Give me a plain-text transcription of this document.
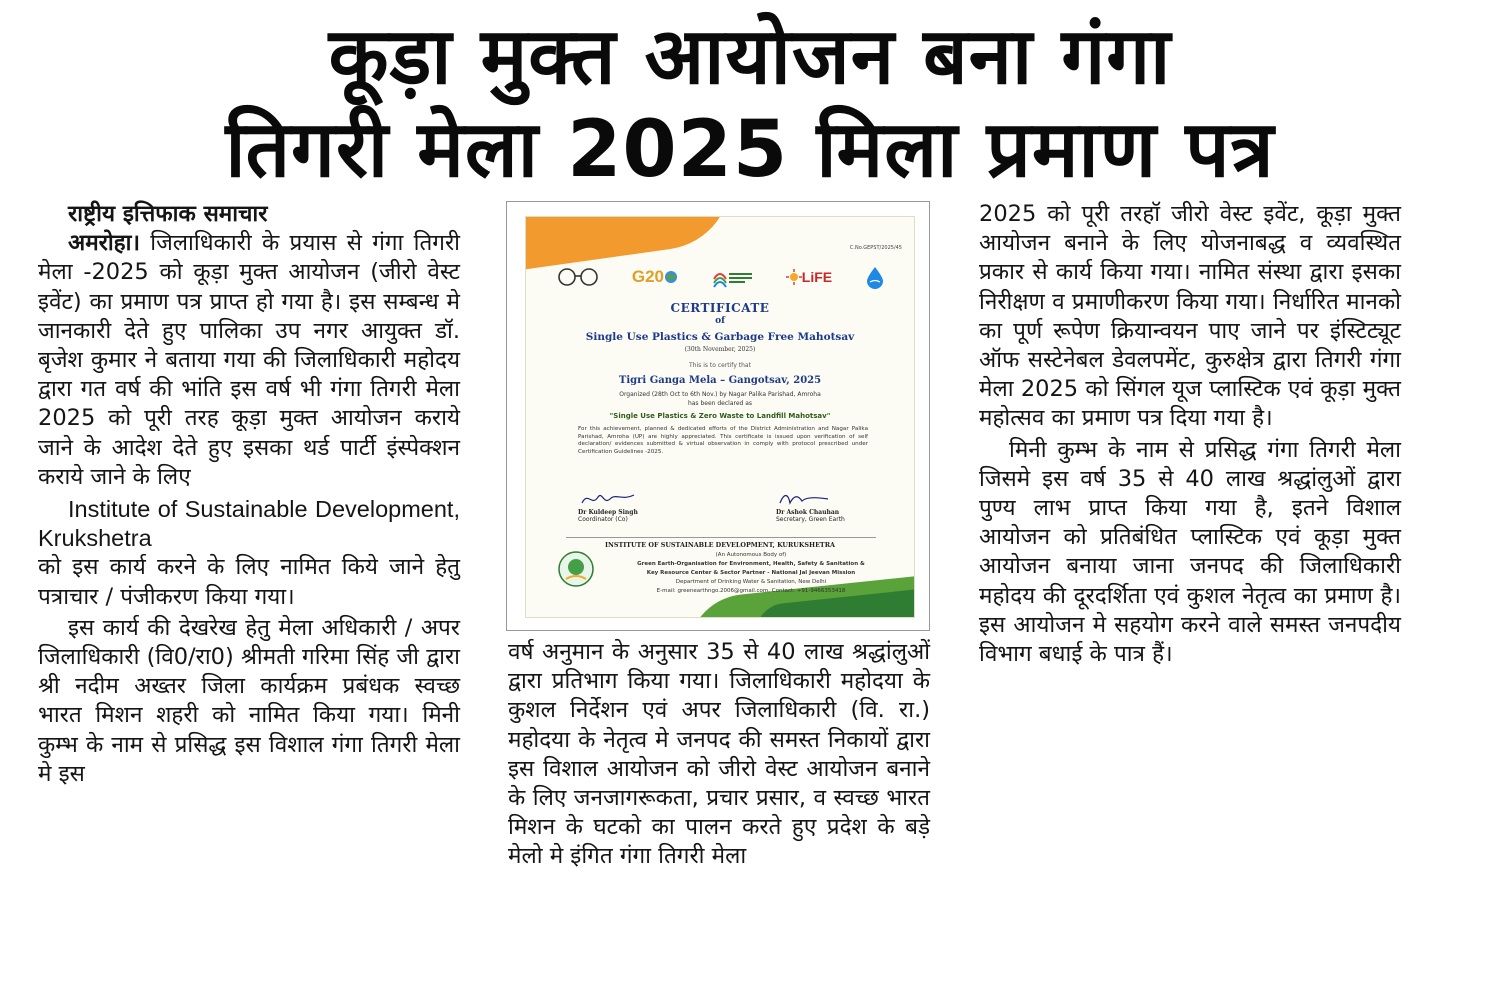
कूड़ा मुक्त आयोजन बना गंगा
तिगरी मेला 2025 मिला प्रमाण पत्र

राष्ट्रीय इत्तिफाक समाचार

अमरोहा। जिलाधिकारी के प्रयास से गंगा तिगरी मेला -2025 को कूड़ा मुक्त आयोजन (जीरो वेस्ट इवेंट) का प्रमाण पत्र प्राप्त हो गया है। इस सम्बन्ध मे जानकारी देते हुए पालिका उप नगर आयुक्त डॉ. बृजेश कुमार ने बताया गया की जिलाधिकारी महोदय द्वारा गत वर्ष की भांति इस वर्ष भी गंगा तिगरी मेला 2025 को पूरी तरह कूड़ा मुक्त आयोजन कराये जाने के आदेश देते हुए इसका थर्ड पार्टी इंस्पेक्शन कराये जाने के लिए

Institute of Sustainable Development, Krukshetra

को इस कार्य करने के लिए नामित किये जाने हेतु पत्राचार / पंजीकरण किया गया।

इस कार्य की देखरेख हेतु मेला अधिकारी / अपर जिलाधिकारी (वि0/रा0) श्रीमती गरिमा सिंह जी द्वारा श्री नदीम अख्तर जिला कार्यक्रम प्रबंधक स्वच्छ भारत मिशन शहरी को नामित किया गया। मिनी कुम्भ के नाम से प्रसिद्ध इस विशाल गंगा तिगरी मेला मे इस

C.No.GEPST/2025/45
G20	LiFE
CERTIFICATE
of
Single Use Plastics & Garbage Free Mahotsav
(30th November, 2025)
This is to certify that
Tigri Ganga Mela – Gangotsav, 2025
Organized (28th Oct to 6th Nov.) by Nagar Palika Parishad, Amroha
has been declared as
"Single Use Plastics & Zero Waste to Landfill Mahotsav"
For this achievement, planned & dedicated efforts of the District Administration and Nagar Palika Parishad, Amroha (UP) are highly appreciated. This certificate is issued upon verification of self declaration/ evidences submitted & virtual observation in comply with protocol prescribed under Certification Guidelines -2025.
Dr Kuldeep Singh
Coordinator (Co)
Dr Ashok Chauhan
Secretary, Green Earth
INSTITUTE OF SUSTAINABLE DEVELOPMENT, KURUKSHETRA
(An Autonomous Body of)
Green Earth-Organisation for Environment, Health, Safety & Sanitation &
Key Resource Center & Sector Partner - National Jal Jeevan Mission
Department of Drinking Water & Sanitation, New Delhi
E-mail: greenearthngo.2006@gmail.com, Contact: +91-9466353418

वर्ष अनुमान के अनुसार 35 से 40 लाख श्रद्धांलुओं द्वारा प्रतिभाग किया गया। जिलाधिकारी महोदया के कुशल निर्देशन एवं अपर जिलाधिकारी (वि. रा.) महोदया के नेतृत्व मे जनपद की समस्त निकायों द्वारा इस विशाल आयोजन को जीरो वेस्ट आयोजन बनाने के लिए जनजागरूकता, प्रचार प्रसार, व स्वच्छ भारत मिशन के घटको का पालन करते हुए प्रदेश के बड़े मेलो मे इंगित गंगा तिगरी मेला

2025 को पूरी तरहॉ जीरो वेस्ट इवेंट, कूड़ा मुक्त आयोजन बनाने के लिए योजनाबद्ध व व्यवस्थित प्रकार से कार्य किया गया। नामित संस्था द्वारा इसका निरीक्षण व प्रमाणीकरण किया गया। निर्धारित मानको का पूर्ण रूपेण क्रियान्वयन पाए जाने पर इंस्टिट्यूट ऑफ सस्टेनेबल डेवलपमेंट, कुरुक्षेत्र द्वारा तिगरी गंगा मेला 2025 को सिंगल यूज प्लास्टिक एवं कूड़ा मुक्त महोत्सव का प्रमाण पत्र दिया गया है।

मिनी कुम्भ के नाम से प्रसिद्ध गंगा तिगरी मेला जिसमे इस वर्ष 35 से 40 लाख श्रद्धांलुओं द्वारा पुण्य लाभ प्राप्त किया गया है, इतने विशाल आयोजन को प्रतिबंधित प्लास्टिक एवं कूड़ा मुक्त आयोजन बनाया जाना जनपद की जिलाधिकारी महोदय की दूरदर्शिता एवं कुशल नेतृत्व का प्रमाण है। इस आयोजन मे सहयोग करने वाले समस्त जनपदीय विभाग बधाई के पात्र हैं।
